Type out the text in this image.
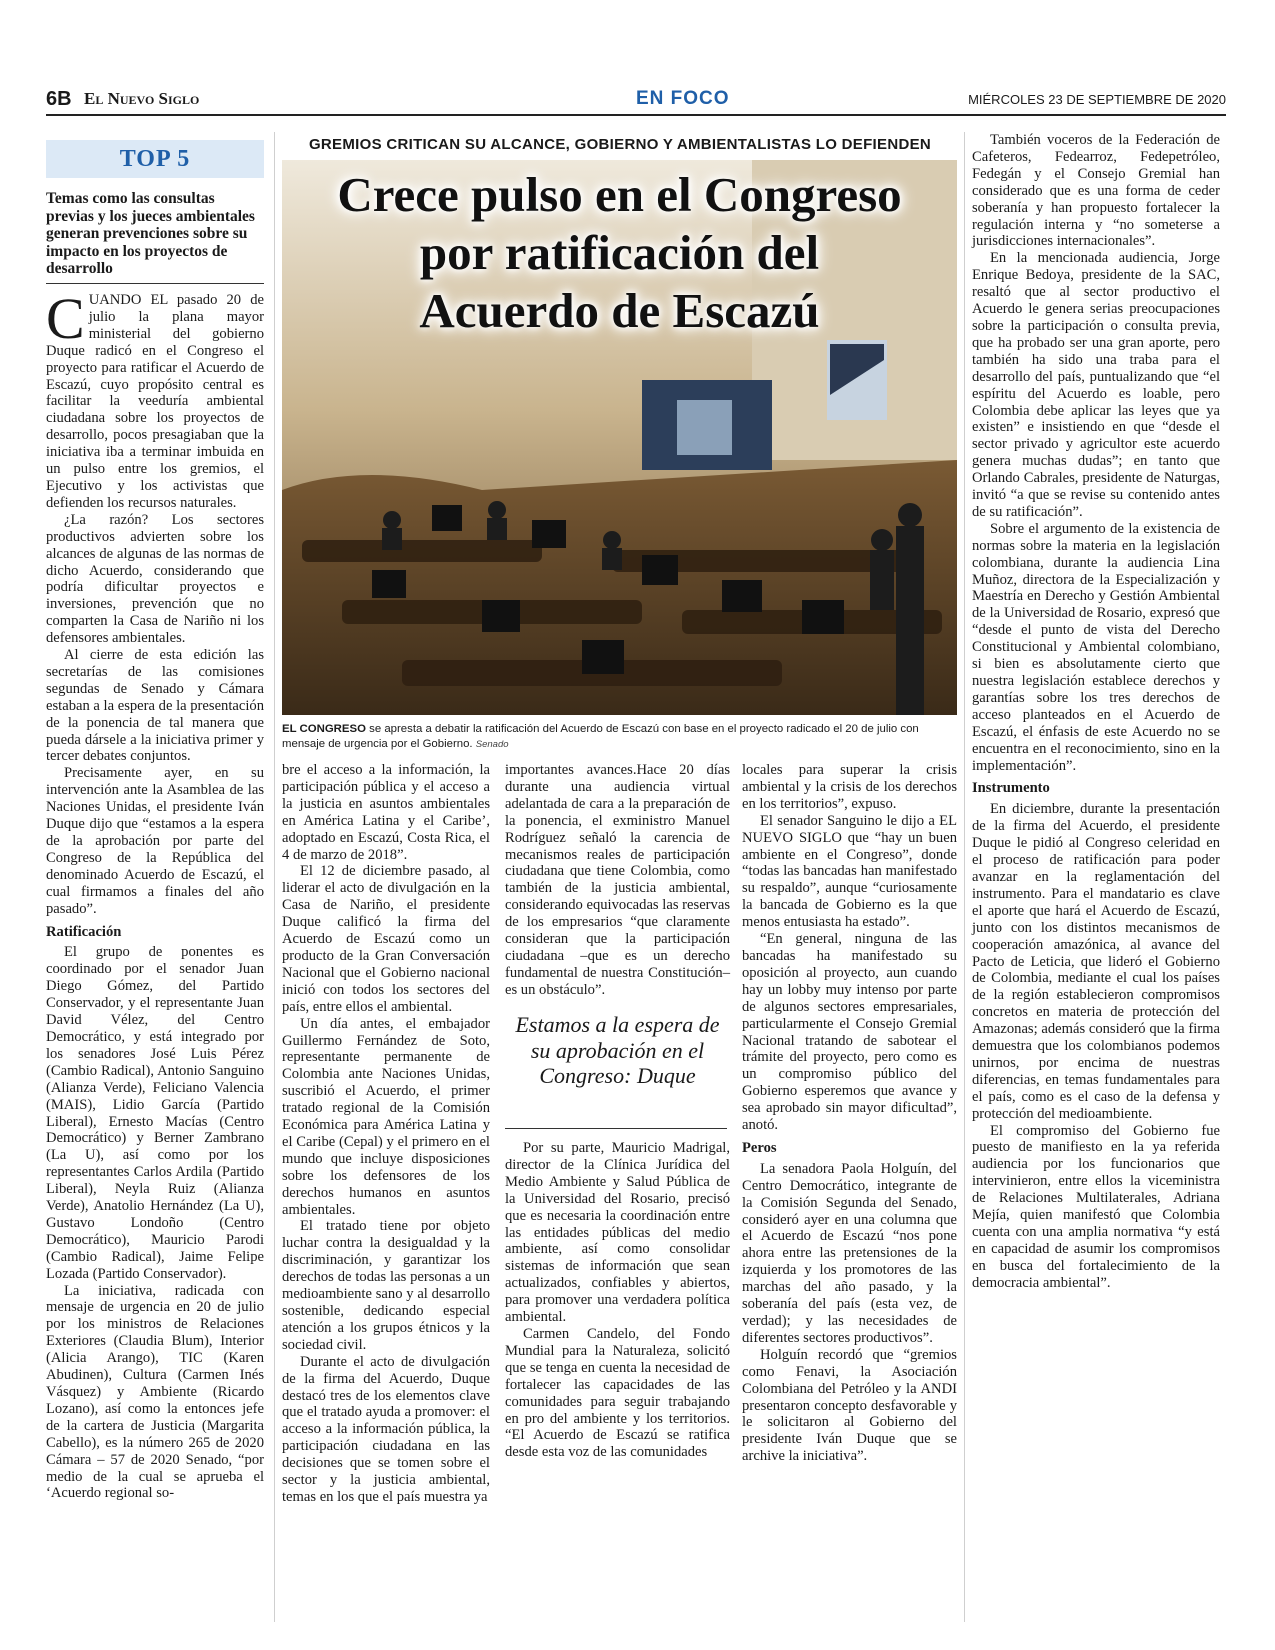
6B El Nuevo Siglo	EN FOCO	MIÉRCOLES 23 DE SEPTIEMBRE DE 2020
TOP 5
Temas como las consultas previas y los jueces ambientales generan prevenciones sobre su impacto en los proyectos de desarrollo

CUANDO EL pasado 20 de julio la plana mayor ministerial del gobierno Duque radicó en el Congreso el proyecto para ratificar el Acuerdo de Escazú, cuyo propósito central es facilitar la veeduría ambiental ciudadana sobre los proyectos de desarrollo, pocos presagiaban que la iniciativa iba a terminar imbuida en un pulso entre los gremios, el Ejecutivo y los activistas que defienden los recursos naturales.

¿La razón? Los sectores productivos advierten sobre los alcances de algunas de las normas de dicho Acuerdo, considerando que podría dificultar proyectos e inversiones, prevención que no comparten la Casa de Nariño ni los defensores ambientales.

Al cierre de esta edición las secretarías de las comisiones segundas de Senado y Cámara estaban a la espera de la presentación de la ponencia de tal manera que pueda dársele a la iniciativa primer y tercer debates conjuntos.

Precisamente ayer, en su intervención ante la Asamblea de las Naciones Unidas, el presidente Iván Duque dijo que “estamos a la espera de la aprobación por parte del Congreso de la República del denominado Acuerdo de Escazú, el cual firmamos a finales del año pasado”.

Ratificación

El grupo de ponentes es coordinado por el senador Juan Diego Gómez, del Partido Conservador, y el representante Juan David Vélez, del Centro Democrático, y está integrado por los senadores José Luis Pérez (Cambio Radical), Antonio Sanguino (Alianza Verde), Feliciano Valencia (MAIS), Lidio García (Partido Liberal), Ernesto Macías (Centro Democrático) y Berner Zambrano (La U), así como por los representantes Carlos Ardila (Partido Liberal), Neyla Ruiz (Alianza Verde), Anatolio Hernández (La U), Gustavo Londoño (Centro Democrático), Mauricio Parodi (Cambio Radical), Jaime Felipe Lozada (Partido Conservador).

La iniciativa, radicada con mensaje de urgencia en 20 de julio por los ministros de Relaciones Exteriores (Claudia Blum), Interior (Alicia Arango), TIC (Karen Abudinen), Cultura (Carmen Inés Vásquez) y Ambiente (Ricardo Lozano), así como la entonces jefe de la cartera de Justicia (Margarita Cabello), es la número 265 de 2020 Cámara – 57 de 2020 Senado, “por medio de la cual se aprueba el ‘Acuerdo regional so-

GREMIOS CRITICAN SU ALCANCE, GOBIERNO Y AMBIENTALISTAS LO DEFIENDEN
Crece pulso en el Congreso
por ratificación del
Acuerdo de Escazú
EL CONGRESO se apresta a debatir la ratificación del Acuerdo de Escazú con base en el proyecto radicado el 20 de julio con mensaje de urgencia por el Gobierno. Senado

bre el acceso a la información, la participación pública y el acceso a la justicia en asuntos ambientales en América Latina y el Caribe’, adoptado en Escazú, Costa Rica, el 4 de marzo de 2018”.

El 12 de diciembre pasado, al liderar el acto de divulgación en la Casa de Nariño, el presidente Duque calificó la firma del Acuerdo de Escazú como un producto de la Gran Conversación Nacional que el Gobierno nacional inició con todos los sectores del país, entre ellos el ambiental.

Un día antes, el embajador Guillermo Fernández de Soto, representante permanente de Colombia ante Naciones Unidas, suscribió el Acuerdo, el primer tratado regional de la Comisión Económica para América Latina y el Caribe (Cepal) y el primero en el mundo que incluye disposiciones sobre los defensores de los derechos humanos en asuntos ambientales.

El tratado tiene por objeto luchar contra la desigualdad y la discriminación, y garantizar los derechos de todas las personas a un medioambiente sano y al desarrollo sostenible, dedicando especial atención a los grupos étnicos y la sociedad civil.

Durante el acto de divulgación de la firma del Acuerdo, Duque destacó tres de los elementos clave que el tratado ayuda a promover: el acceso a la información pública, la participación ciudadana en las decisiones que se tomen sobre el sector y la justicia ambiental, temas en los que el país muestra ya

importantes avances.Hace 20 días durante una audiencia virtual adelantada de cara a la preparación de la ponencia, el exministro Manuel Rodríguez señaló la carencia de mecanismos reales de participación ciudadana que tiene Colombia, como también de la justicia ambiental, considerando equivocadas las reservas de los empresarios “que claramente consideran que la participación ciudadana –que es un derecho fundamental de nuestra Constitución– es un obstáculo”.

Estamos a la espera de su aprobación en el Congreso: Duque

Por su parte, Mauricio Madrigal, director de la Clínica Jurídica del Medio Ambiente y Salud Pública de la Universidad del Rosario, precisó que es necesaria la coordinación entre las entidades públicas del medio ambiente, así como consolidar sistemas de información que sean actualizados, confiables y abiertos, para promover una verdadera política ambiental.

Carmen Candelo, del Fondo Mundial para la Naturaleza, solicitó que se tenga en cuenta la necesidad de fortalecer las capacidades de las comunidades para seguir trabajando en pro del ambiente y los territorios. “El Acuerdo de Escazú se ratifica desde esta voz de las comunidades

locales para superar la crisis ambiental y la crisis de los derechos en los territorios”, expuso.

El senador Sanguino le dijo a EL NUEVO SIGLO que “hay un buen ambiente en el Congreso”, donde “todas las bancadas han manifestado su respaldo”, aunque “curiosamente la bancada de Gobierno es la que menos entusiasta ha estado”.

“En general, ninguna de las bancadas ha manifestado su oposición al proyecto, aun cuando hay un lobby muy intenso por parte de algunos sectores empresariales, particularmente el Consejo Gremial Nacional tratando de sabotear el trámite del proyecto, pero como es un compromiso público del Gobierno esperemos que avance y sea aprobado sin mayor dificultad”, anotó.

Peros

La senadora Paola Holguín, del Centro Democrático, integrante de la Comisión Segunda del Senado, consideró ayer en una columna que el Acuerdo de Escazú “nos pone ahora entre las pretensiones de la izquierda y los promotores de las marchas del año pasado, y la soberanía del país (esta vez, de verdad); y las necesidades de diferentes sectores productivos”.

Holguín recordó que “gremios como Fenavi, la Asociación Colombiana del Petróleo y la ANDI presentaron concepto desfavorable y le solicitaron al Gobierno del presidente Iván Duque que se archive la iniciativa”.

También voceros de la Federación de Cafeteros, Fedearroz, Fedepetróleo, Fedegán y el Consejo Gremial han considerado que es una forma de ceder soberanía y han propuesto fortalecer la regulación interna y “no someterse a jurisdicciones internacionales”.

En la mencionada audiencia, Jorge Enrique Bedoya, presidente de la SAC, resaltó que al sector productivo el Acuerdo le genera serias preocupaciones sobre la participación o consulta previa, que ha probado ser una gran aporte, pero también ha sido una traba para el desarrollo del país, puntualizando que “el espíritu del Acuerdo es loable, pero Colombia debe aplicar las leyes que ya existen” e insistiendo en que “desde el sector privado y agricultor este acuerdo genera muchas dudas”; en tanto que Orlando Cabrales, presidente de Naturgas, invitó “a que se revise su contenido antes de su ratificación”.

Sobre el argumento de la existencia de normas sobre la materia en la legislación colombiana, durante la audiencia Lina Muñoz, directora de la Especialización y Maestría en Derecho y Gestión Ambiental de la Universidad de Rosario, expresó que “desde el punto de vista del Derecho Constitucional y Ambiental colombiano, si bien es absolutamente cierto que nuestra legislación establece derechos y garantías sobre los tres derechos de acceso planteados en el Acuerdo de Escazú, el énfasis de este Acuerdo no se encuentra en el reconocimiento, sino en la implementación”.

Instrumento

En diciembre, durante la presentación de la firma del Acuerdo, el presidente Duque le pidió al Congreso celeridad en el proceso de ratificación para poder avanzar en la reglamentación del instrumento. Para el mandatario es clave el aporte que hará el Acuerdo de Escazú, junto con los distintos mecanismos de cooperación amazónica, al avance del Pacto de Leticia, que lideró el Gobierno de Colombia, mediante el cual los países de la región establecieron compromisos concretos en materia de protección del Amazonas; además consideró que la firma demuestra que los colombianos podemos unirnos, por encima de nuestras diferencias, en temas fundamentales para el país, como es el caso de la defensa y protección del medioambiente.

El compromiso del Gobierno fue puesto de manifiesto en la ya referida audiencia por los funcionarios que intervinieron, entre ellos la viceministra de Relaciones Multilaterales, Adriana Mejía, quien manifestó que Colombia cuenta con una amplia normativa “y está en capacidad de asumir los compromisos en busca del fortalecimiento de la democracia ambiental”.
